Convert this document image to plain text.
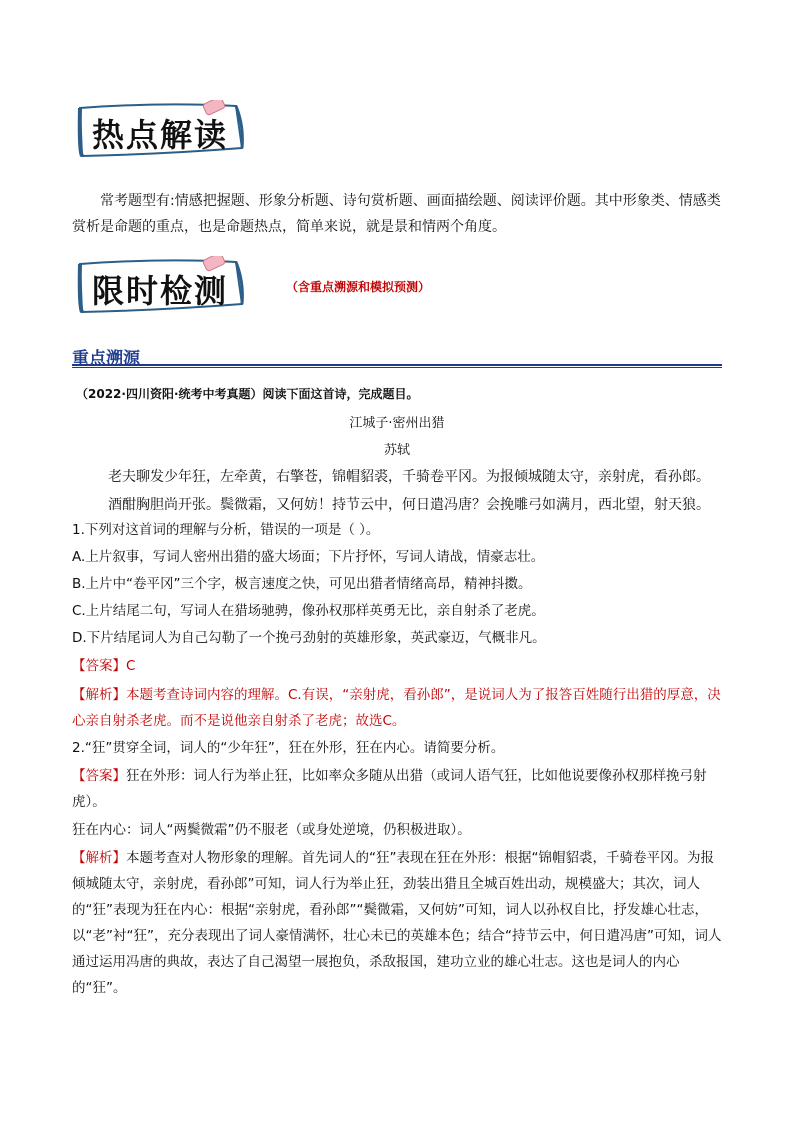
热点解读
常考题型有:情感把握题、形象分析题、诗句赏析题、画面描绘题、阅读评价题。其中形象类、情感类赏析是命题的重点，也是命题热点，简单来说，就是景和情两个角度。
限时检测	（含重点溯源和模拟预测）
重点溯源
（2022·四川资阳·统考中考真题）阅读下面这首诗，完成题目。
江城子·密州出猎
苏轼
老夫聊发少年狂，左牵黄，右擎苍，锦帽貂裘，千骑卷平冈。为报倾城随太守，亲射虎，看孙郎。
酒酣胸胆尚开张。鬓微霜，又何妨！持节云中，何日遣冯唐？会挽雕弓如满月，西北望，射天狼。
1.下列对这首词的理解与分析，错误的一项是（ ）。
A.上片叙事，写词人密州出猎的盛大场面；下片抒怀，写词人请战，情豪志壮。
B.上片中“卷平冈”三个字，极言速度之快，可见出猎者情绪高昂，精神抖擞。
C.上片结尾二句，写词人在猎场驰骋，像孙权那样英勇无比，亲自射杀了老虎。
D.下片结尾词人为自己勾勒了一个挽弓劲射的英雄形象，英武豪迈，气概非凡。
【答案】C
【解析】本题考查诗词内容的理解。C.有误，“亲射虎，看孙郎”，是说词人为了报答百姓随行出猎的厚意，决心亲自射杀老虎。而不是说他亲自射杀了老虎；故选C。
2.“狂”贯穿全词，词人的“少年狂”，狂在外形，狂在内心。请简要分析。
【答案】狂在外形：词人行为举止狂，比如率众多随从出猎（或词人语气狂，比如他说要像孙权那样挽弓射虎）。
狂在内心：词人“两鬓微霜”仍不服老（或身处逆境，仍积极进取）。
【解析】本题考查对人物形象的理解。首先词人的“狂”表现在狂在外形：根据“锦帽貂裘，千骑卷平冈。为报倾城随太守，亲射虎，看孙郎”可知，词人行为举止狂，劲装出猎且全城百姓出动，规模盛大；其次，词人的“狂”表现为狂在内心：根据“亲射虎，看孙郎”“鬓微霜，又何妨”可知，词人以孙权自比，抒发雄心壮志，以“老”衬“狂”，充分表现出了词人豪情满怀，壮心未已的英雄本色；结合“持节云中，何日遣冯唐”可知，词人通过运用冯唐的典故，表达了自己渴望一展抱负，杀敌报国，建功立业的雄心壮志。这也是词人的内心的“狂”。
